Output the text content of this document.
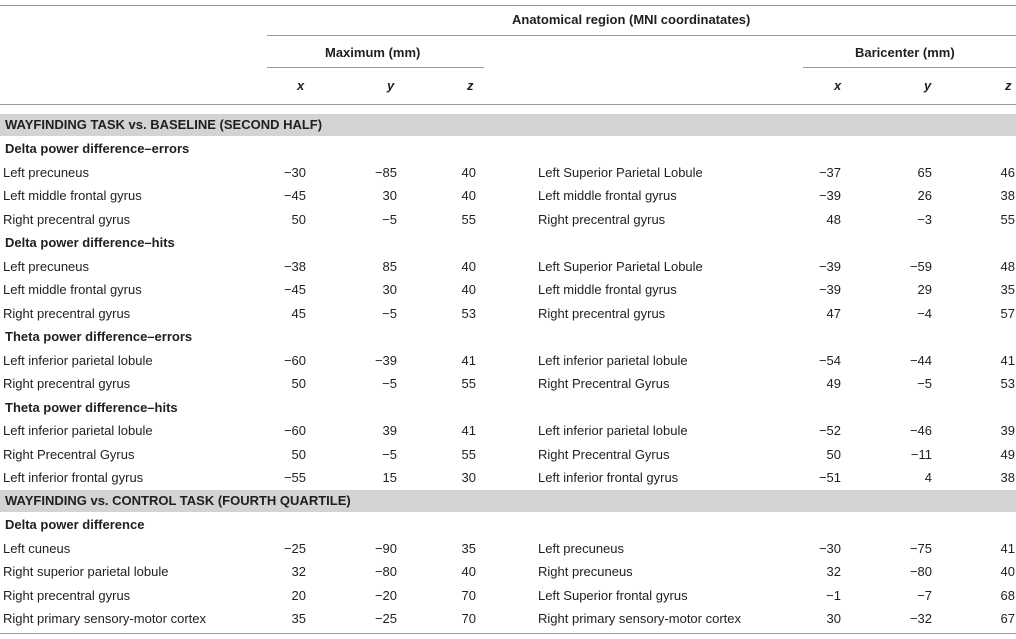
Anatomical region (MNI coordinatates)
Maximum (mm)	Baricenter (mm)
x	y	z	x	y	z
WAYFINDING TASK vs. BASELINE (SECOND HALF)
Delta power difference–errors
Left precuneus	−30	−85	40	Left Superior Parietal Lobule	−37	65	46
Left middle frontal gyrus	−45	30	40	Left middle frontal gyrus	−39	26	38
Right precentral gyrus	50	−5	55	Right precentral gyrus	48	−3	55
Delta power difference–hits
Left precuneus	−38	85	40	Left Superior Parietal Lobule	−39	−59	48
Left middle frontal gyrus	−45	30	40	Left middle frontal gyrus	−39	29	35
Right precentral gyrus	45	−5	53	Right precentral gyrus	47	−4	57
Theta power difference–errors
Left inferior parietal lobule	−60	−39	41	Left inferior parietal lobule	−54	−44	41
Right precentral gyrus	50	−5	55	Right Precentral Gyrus	49	−5	53
Theta power difference–hits
Left inferior parietal lobule	−60	39	41	Left inferior parietal lobule	−52	−46	39
Right Precentral Gyrus	50	−5	55	Right Precentral Gyrus	50	−11	49
Left inferior frontal gyrus	−55	15	30	Left inferior frontal gyrus	−51	4	38
WAYFINDING vs. CONTROL TASK (FOURTH QUARTILE)
Delta power difference
Left cuneus	−25	−90	35	Left precuneus	−30	−75	41
Right superior parietal lobule	32	−80	40	Right precuneus	32	−80	40
Right precentral gyrus	20	−20	70	Left Superior frontal gyrus	−1	−7	68
Right primary sensory-motor cortex	35	−25	70	Right primary sensory-motor cortex	30	−32	67
